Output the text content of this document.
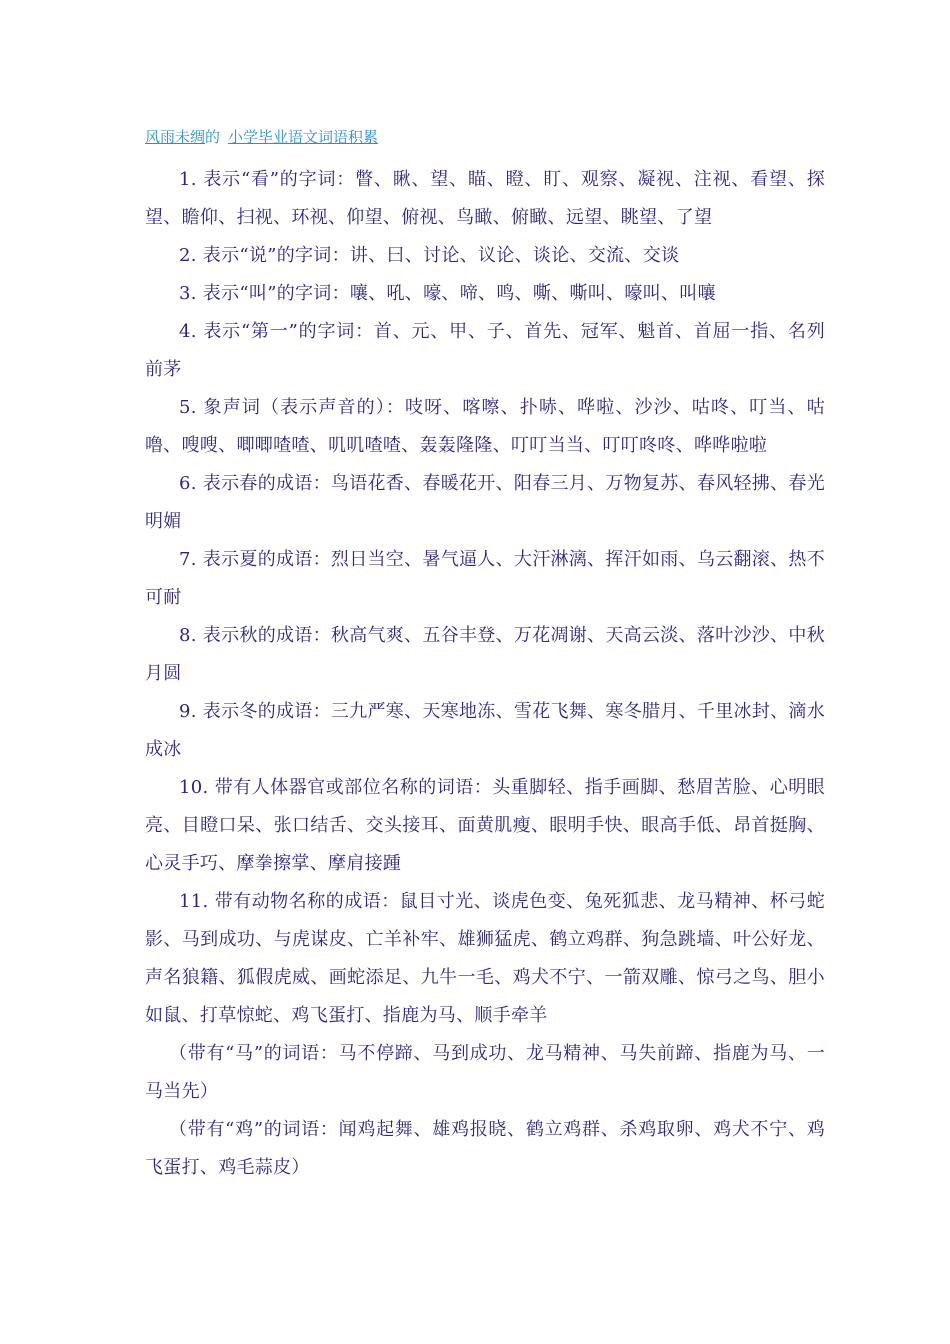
风雨未绸的 小学毕业语文词语积累

1. 表示“看”的字词：瞥、瞅、望、瞄、瞪、盯、观察、凝视、注视、看望、探望、瞻仰、扫视、环视、仰望、俯视、鸟瞰、俯瞰、远望、眺望、了望

2. 表示“说”的字词：讲、曰、讨论、议论、谈论、交流、交谈

3. 表示“叫”的字词：嚷、吼、嚎、啼、鸣、嘶、嘶叫、嚎叫、叫嚷

4. 表示“第一”的字词：首、元、甲、子、首先、冠军、魁首、首屈一指、名列前茅

5. 象声词（表示声音的）：吱呀、喀嚓、扑哧、哗啦、沙沙、咕咚、叮当、咕噜、嗖嗖、唧唧喳喳、叽叽喳喳、轰轰隆隆、叮叮当当、叮叮咚咚、哗哗啦啦

6. 表示春的成语：鸟语花香、春暖花开、阳春三月、万物复苏、春风轻拂、春光明媚

7. 表示夏的成语：烈日当空、暑气逼人、大汗淋漓、挥汗如雨、乌云翻滚、热不可耐

8. 表示秋的成语：秋高气爽、五谷丰登、万花凋谢、天高云淡、落叶沙沙、中秋月圆

9. 表示冬的成语：三九严寒、天寒地冻、雪花飞舞、寒冬腊月、千里冰封、滴水成冰

10. 带有人体器官或部位名称的词语：头重脚轻、指手画脚、愁眉苦脸、心明眼亮、目瞪口呆、张口结舌、交头接耳、面黄肌瘦、眼明手快、眼高手低、昂首挺胸、心灵手巧、摩拳擦掌、摩肩接踵

11. 带有动物名称的成语：鼠目寸光、谈虎色变、兔死狐悲、龙马精神、杯弓蛇影、马到成功、与虎谋皮、亡羊补牢、雄狮猛虎、鹤立鸡群、狗急跳墙、叶公好龙、声名狼籍、狐假虎威、画蛇添足、九牛一毛、鸡犬不宁、一箭双雕、惊弓之鸟、胆小如鼠、打草惊蛇、鸡飞蛋打、指鹿为马、顺手牵羊

（带有“马”的词语：马不停蹄、马到成功、龙马精神、马失前蹄、指鹿为马、一马当先）

（带有“鸡”的词语：闻鸡起舞、雄鸡报晓、鹤立鸡群、杀鸡取卵、鸡犬不宁、鸡飞蛋打、鸡毛蒜皮）
